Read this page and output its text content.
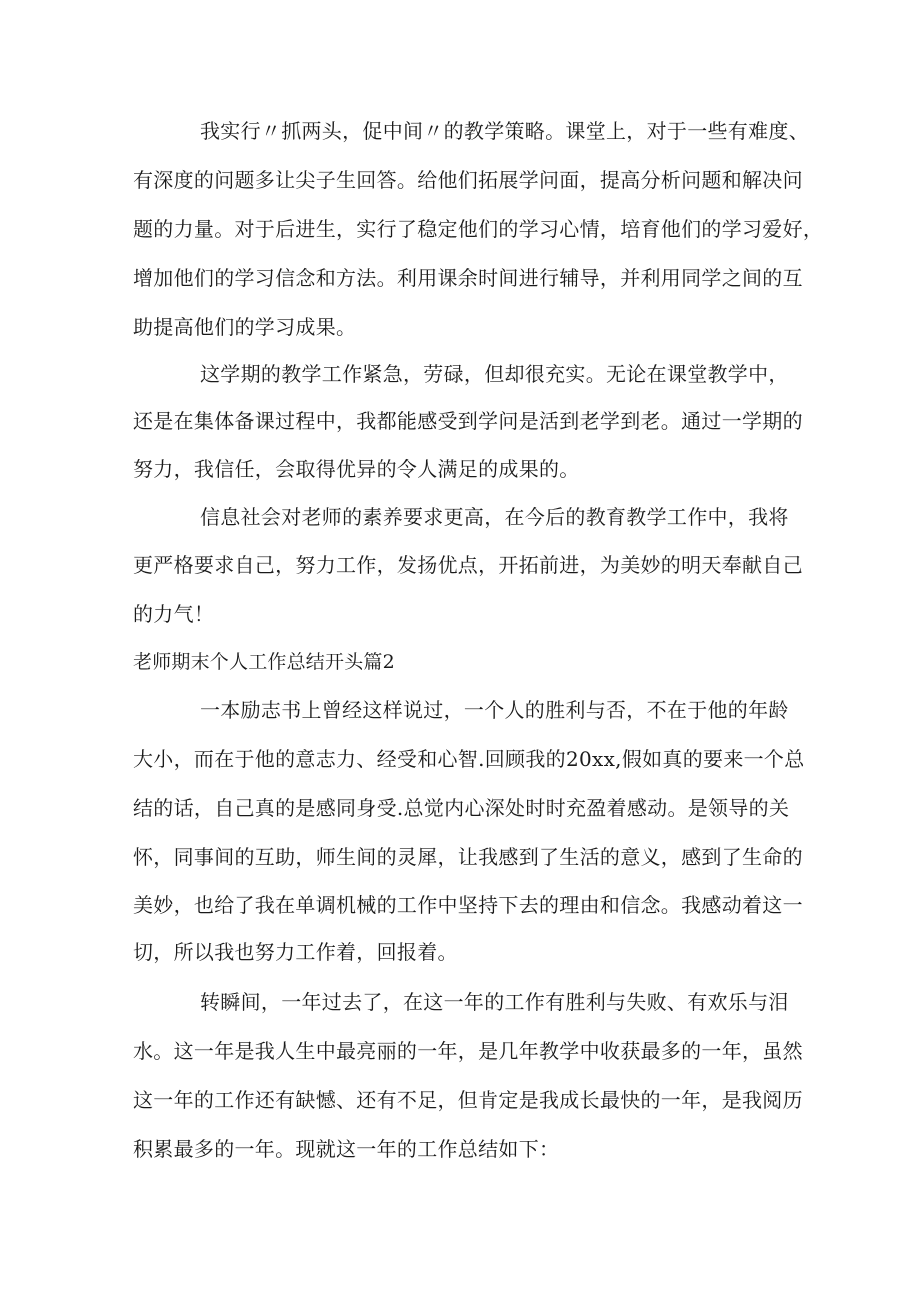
我实行〃抓两头，促中间〃的教学策略。课堂上，对于一些有难度、
有深度的问题多让尖子生回答。给他们拓展学问面，提高分析问题和解决问
题的力量。对于后进生，实行了稳定他们的学习心情，培育他们的学习爱好，
增加他们的学习信念和方法。利用课余时间进行辅导，并利用同学之间的互
助提高他们的学习成果。
这学期的教学工作紧急，劳碌，但却很充实。无论在课堂教学中，
还是在集体备课过程中，我都能感受到学问是活到老学到老。通过一学期的
努力，我信任，会取得优异的令人满足的成果的。
信息社会对老师的素养要求更高，在今后的教育教学工作中，我将
更严格要求自己，努力工作，发扬优点，开拓前进，为美妙的明天奉献自己
的力气！
老师期末个人工作总结开头篇2
一本励志书上曾经这样说过，一个人的胜利与否，不在于他的年龄
大小，而在于他的意志力、经受和心智.回顾我的20xx,假如真的要来一个总
结的话，自己真的是感同身受.总觉内心深处时时充盈着感动。是领导的关
怀，同事间的互助，师生间的灵犀，让我感到了生活的意义，感到了生命的
美妙，也给了我在单调机械的工作中坚持下去的理由和信念。我感动着这一
切，所以我也努力工作着，回报着。
转瞬间，一年过去了，在这一年的工作有胜利与失败、有欢乐与泪
水。这一年是我人生中最亮丽的一年，是几年教学中收获最多的一年，虽然
这一年的工作还有缺憾、还有不足，但肯定是我成长最快的一年，是我阅历
积累最多的一年。现就这一年的工作总结如下：
